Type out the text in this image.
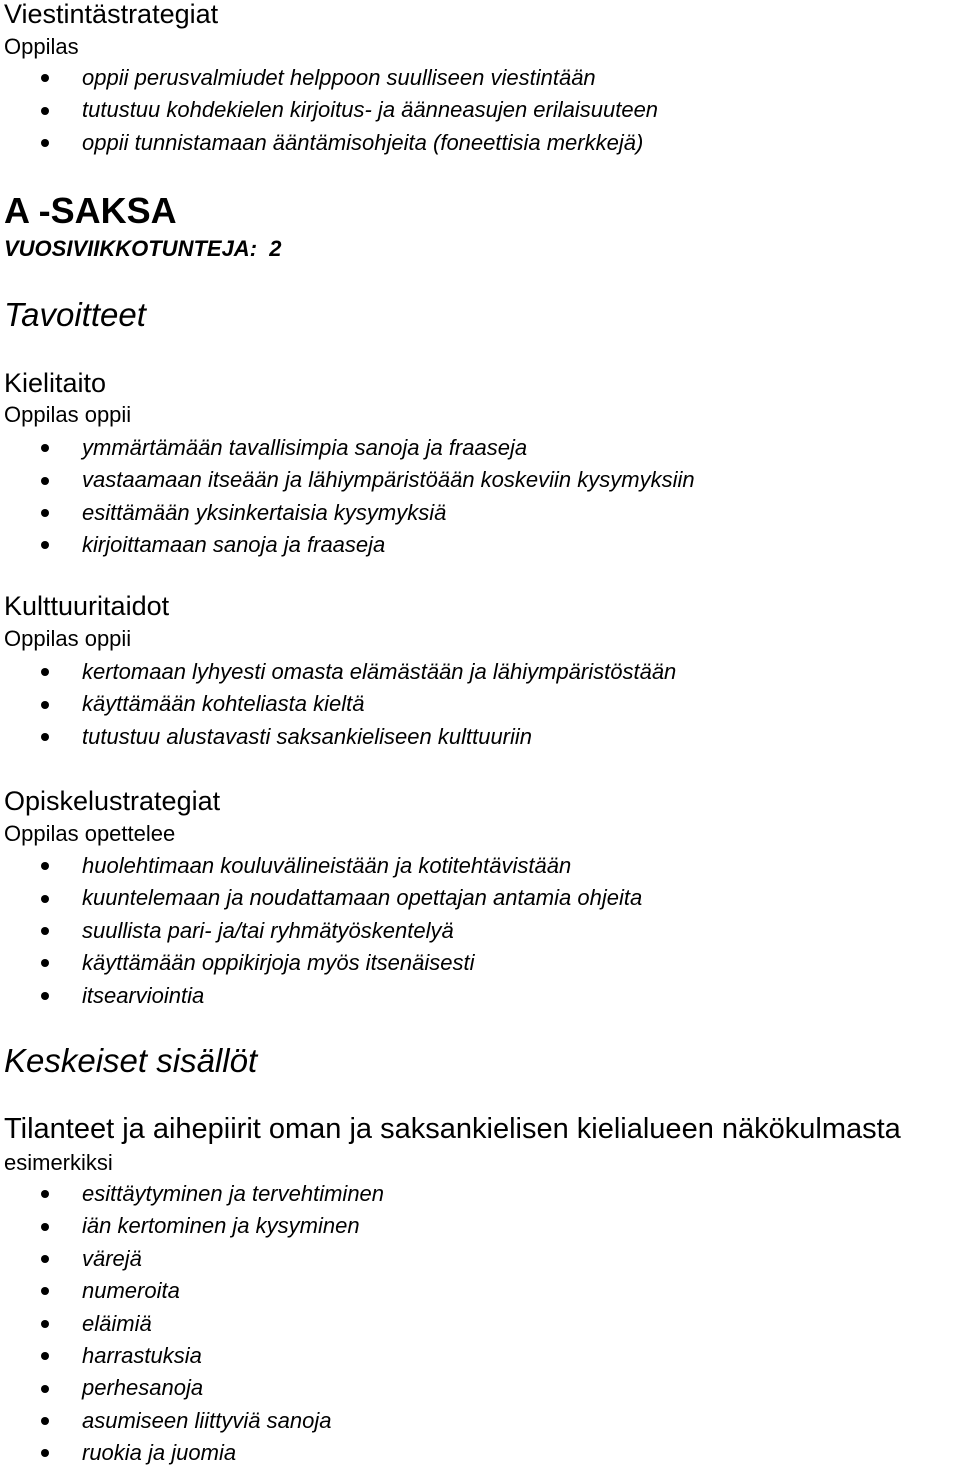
Viestintästrategiat
Oppilas
oppii perusvalmiudet helppoon suulliseen viestintään
tutustuu kohdekielen kirjoitus- ja äänneasujen erilaisuuteen
oppii tunnistamaan ääntämisohjeita (foneettisia merkkejä)
A -SAKSA
VUOSIVIIKKOTUNTEJA:  2
Tavoitteet
Kielitaito
Oppilas oppii
ymmärtämään tavallisimpia sanoja ja fraaseja
vastaamaan itseään ja lähiympäristöään koskeviin kysymyksiin
esittämään yksinkertaisia kysymyksiä
kirjoittamaan sanoja ja fraaseja
Kulttuuritaidot
Oppilas oppii
kertomaan lyhyesti omasta elämästään ja lähiympäristöstään
käyttämään kohteliasta kieltä
tutustuu alustavasti saksankieliseen kulttuuriin
Opiskelustrategiat
Oppilas opettelee
huolehtimaan kouluvälineistään ja kotitehtävistään
kuuntelemaan ja noudattamaan opettajan antamia ohjeita
suullista pari- ja/tai ryhmätyöskentelyä
käyttämään oppikirjoja myös itsenäisesti
itsearviointia
Keskeiset sisällöt
Tilanteet ja aihepiirit oman ja saksankielisen kielialueen näkökulmasta
esimerkiksi
esittäytyminen ja tervehtiminen
iän kertominen ja kysyminen
värejä
numeroita
eläimiä
harrastuksia
perhesanoja
asumiseen liittyviä sanoja
ruokia ja juomia
